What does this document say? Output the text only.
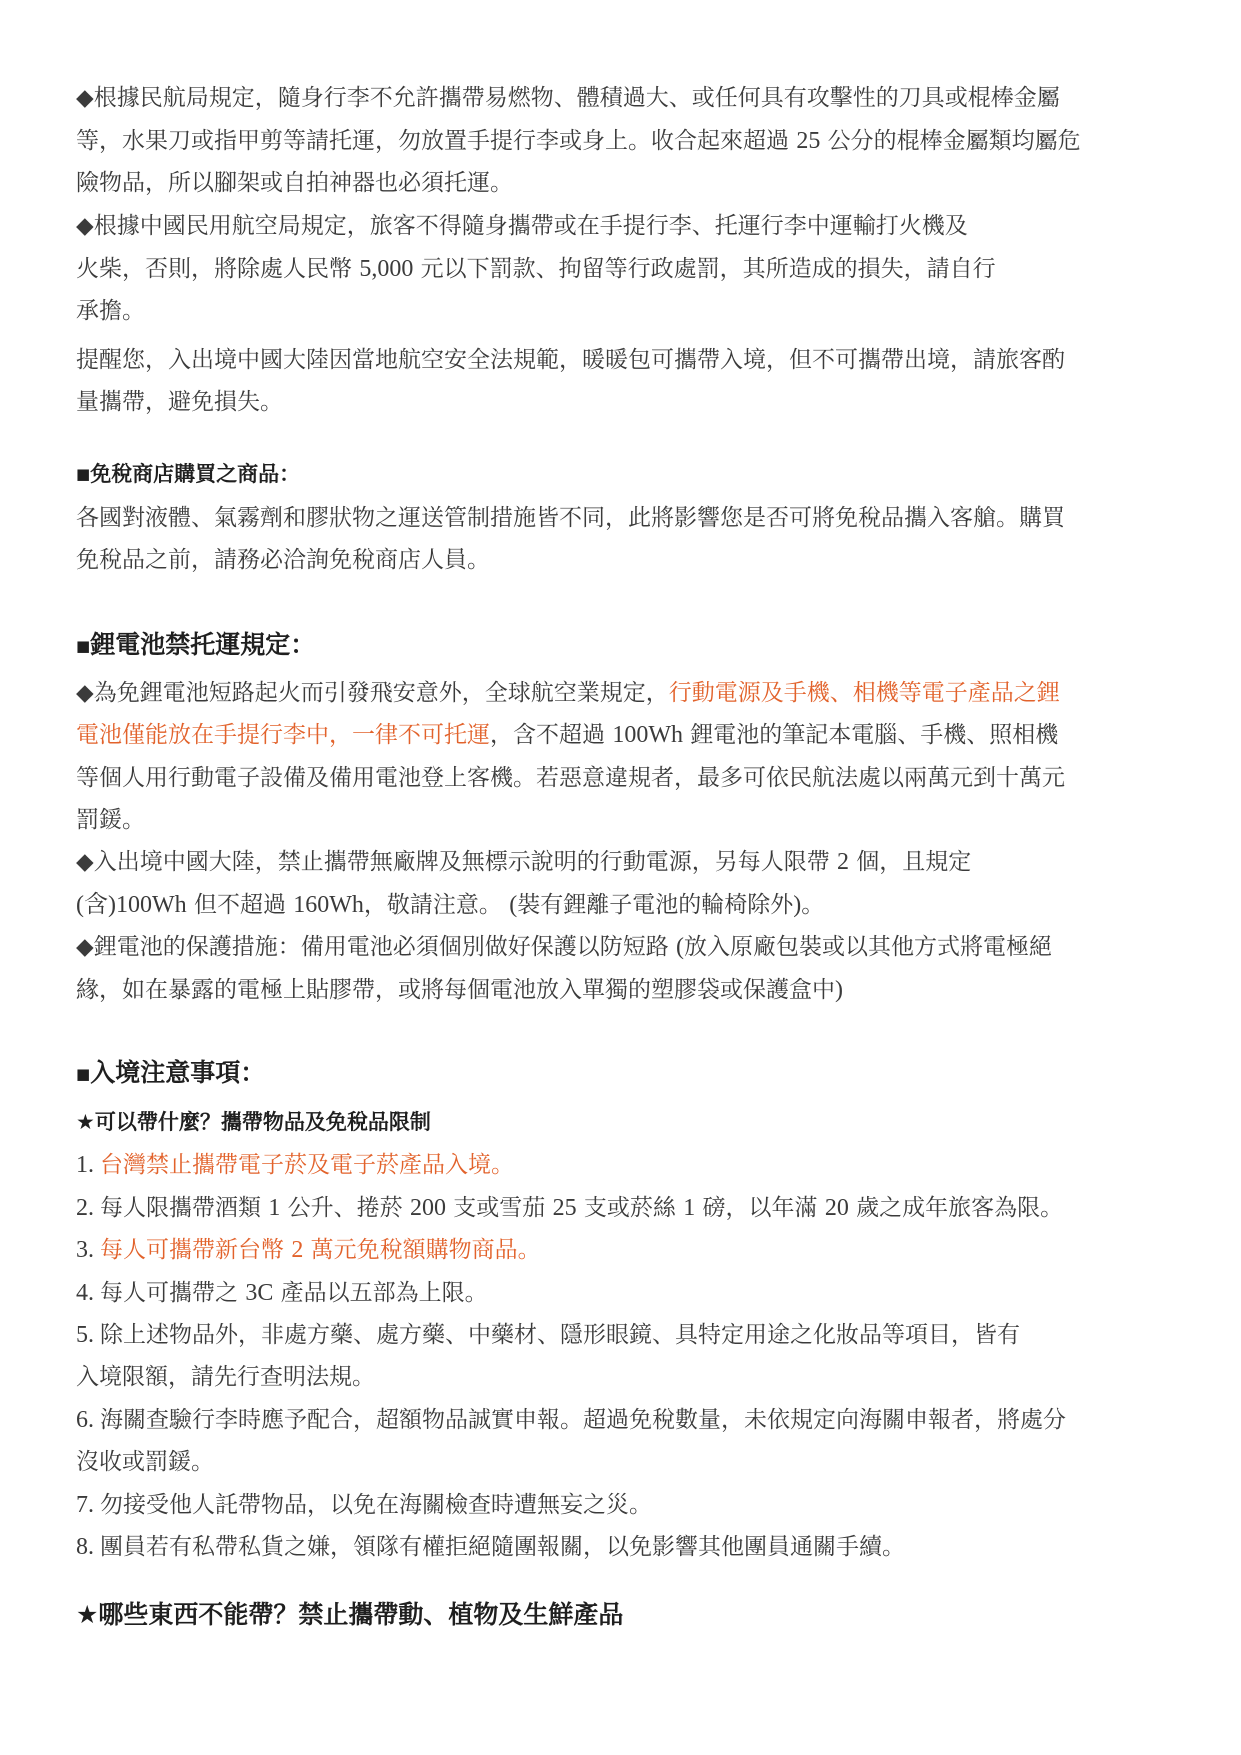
◆根據民航局規定，隨身行李不允許攜帶易燃物、體積過大、或任何具有攻擊性的刀具或棍棒金屬
等，水果刀或指甲剪等請托運，勿放置手提行李或身上。收合起來超過 25 公分的棍棒金屬類均屬危
險物品，所以腳架或自拍神器也必須托運。
◆根據中國民用航空局規定，旅客不得隨身攜帶或在手提行李、托運行李中運輸打火機及
火柴，否則，將除處人民幣 5,000 元以下罰款、拘留等行政處罰，其所造成的損失，請自行
承擔。
提醒您，入出境中國大陸因當地航空安全法規範，暖暖包可攜帶入境，但不可攜帶出境，請旅客酌
量攜帶，避免損失。
■免稅商店購買之商品：
各國對液體、氣霧劑和膠狀物之運送管制措施皆不同，此將影響您是否可將免稅品攜入客艙。購買
免稅品之前，請務必洽詢免稅商店人員。
■鋰電池禁托運規定：
◆為免鋰電池短路起火而引發飛安意外，全球航空業規定，行動電源及手機、相機等電子產品之鋰
電池僅能放在手提行李中，一律不可托運，含不超過 100Wh 鋰電池的筆記本電腦、手機、照相機
等個人用行動電子設備及備用電池登上客機。若惡意違規者，最多可依民航法處以兩萬元到十萬元
罰鍰。
◆入出境中國大陸，禁止攜帶無廠牌及無標示說明的行動電源，另每人限帶 2 個，且規定
(含)100Wh 但不超過 160Wh，敬請注意。 (裝有鋰離子電池的輪椅除外)。
◆鋰電池的保護措施：備用電池必須個別做好保護以防短路 (放入原廠包裝或以其他方式將電極絕
緣，如在暴露的電極上貼膠帶，或將每個電池放入單獨的塑膠袋或保護盒中)
■入境注意事項：
★可以帶什麼？攜帶物品及免稅品限制
1. 台灣禁止攜帶電子菸及電子菸產品入境。
2. 每人限攜帶酒類 1 公升、捲菸 200 支或雪茄 25 支或菸絲 1 磅，以年滿 20 歲之成年旅客為限。
3. 每人可攜帶新台幣 2 萬元免稅額購物商品。
4. 每人可攜帶之 3C 產品以五部為上限。
5. 除上述物品外，非處方藥、處方藥、中藥材、隱形眼鏡、具特定用途之化妝品等項目，皆有
入境限額，請先行查明法規。
6. 海關查驗行李時應予配合，超額物品誠實申報。超過免稅數量，未依規定向海關申報者，將處分
沒收或罰鍰。
7. 勿接受他人託帶物品，以免在海關檢查時遭無妄之災。
8. 團員若有私帶私貨之嫌，領隊有權拒絕隨團報關，以免影響其他團員通關手續。
★哪些東西不能帶？禁止攜帶動、植物及生鮮產品
